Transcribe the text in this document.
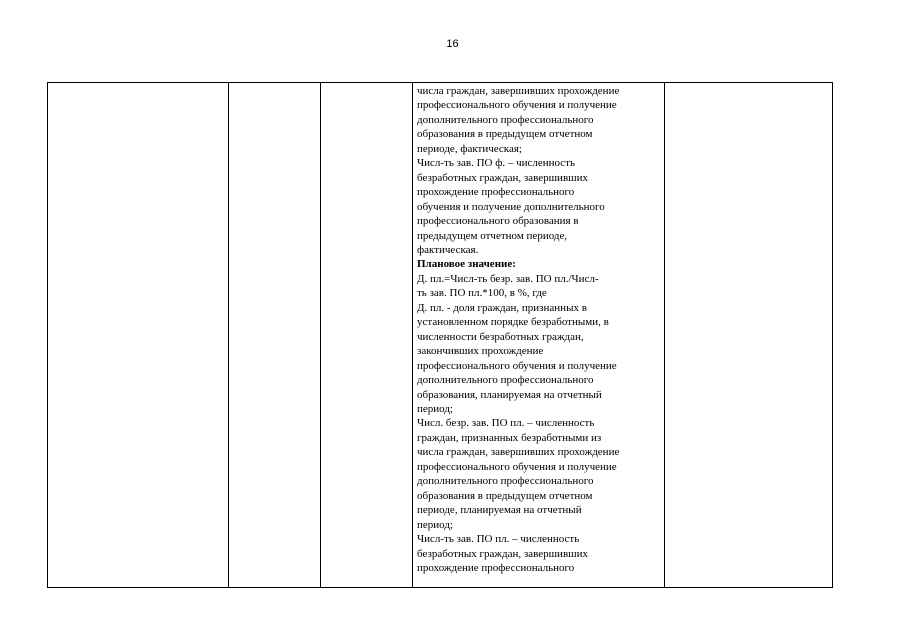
16

числа граждан, завершивших прохождение
профессионального обучения и получение
дополнительного профессионального
образования в предыдущем отчетном
периоде, фактическая;
Числ-ть зав. ПО ф. – численность
безработных граждан, завершивших
прохождение профессионального
обучения и получение дополнительного
профессионального образования в
предыдущем отчетном периоде,
фактическая.
Плановое значение:
Д. пл.=Числ-ть безр. зав. ПО пл./Числ-
ть зав. ПО пл.*100, в %, где
Д. пл. - доля граждан, признанных в
установленном порядке безработными, в
численности безработных граждан,
закончивших прохождение
профессионального обучения и получение
дополнительного профессионального
образования, планируемая на отчетный
период;
Числ. безр. зав. ПО пл. – численность
граждан, признанных безработными из
числа граждан, завершивших прохождение
профессионального обучения и получение
дополнительного профессионального
образования в предыдущем отчетном
периоде, планируемая на отчетный
период;
Числ-ть зав. ПО пл. – численность
безработных граждан, завершивших
прохождение профессионального
